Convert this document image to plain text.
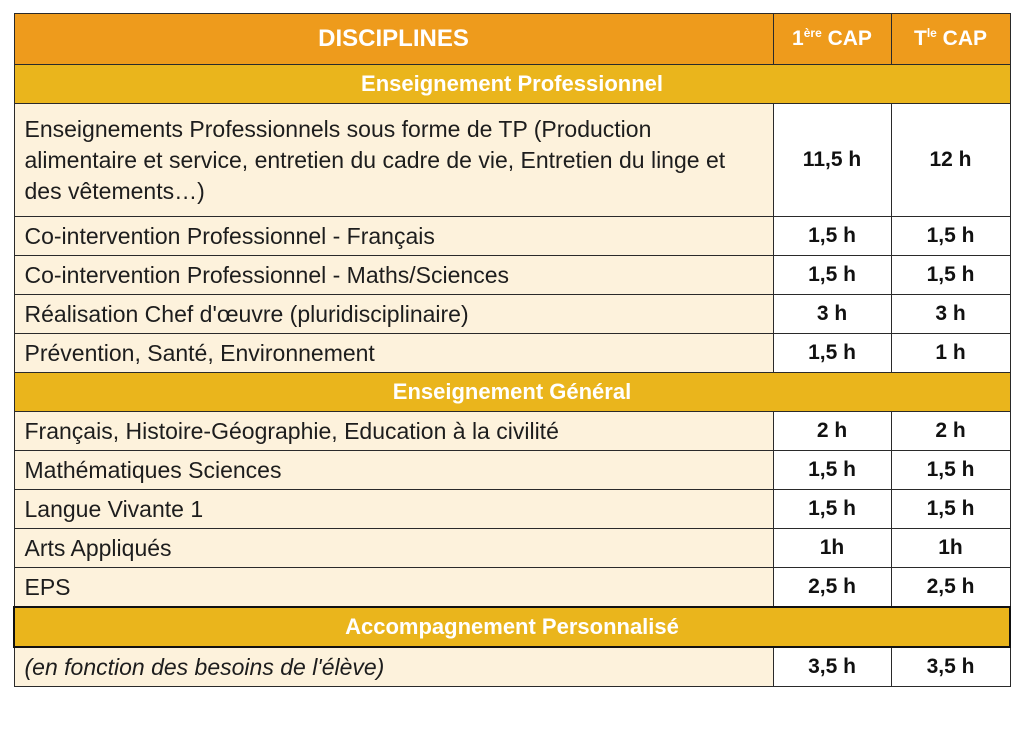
DISCIPLINES	1ère CAP	$T^{le}$ CAP
Enseignement Professionnel		
Enseignements Professionnels sous forme de TP (Production alimentaire et service, entretien du cadre de vie, Entretien du linge et des vêtements…)	11,5 h	12 h
Co-intervention Professionnel - Français	1,5 h	1,5 h
Co-intervention Professionnel - Maths/Sciences	1,5 h	1,5 h
Réalisation Chef d'œuvre (pluridisciplinaire)	3 h	3 h
Prévention, Santé, Environnement	1,5 h	1 h
Enseignement Général		
Français, Histoire-Géographie, Education à la civilité	2 h	2 h
Mathématiques Sciences	1,5 h	1,5 h
Langue Vivante 1	1,5 h	1,5 h
Arts Appliqués	1h	1h
EPS	2,5 h	2,5 h
Accompagnement Personnalisé		
(en fonction des besoins de l'élève)	3,5 h	3,5 h
